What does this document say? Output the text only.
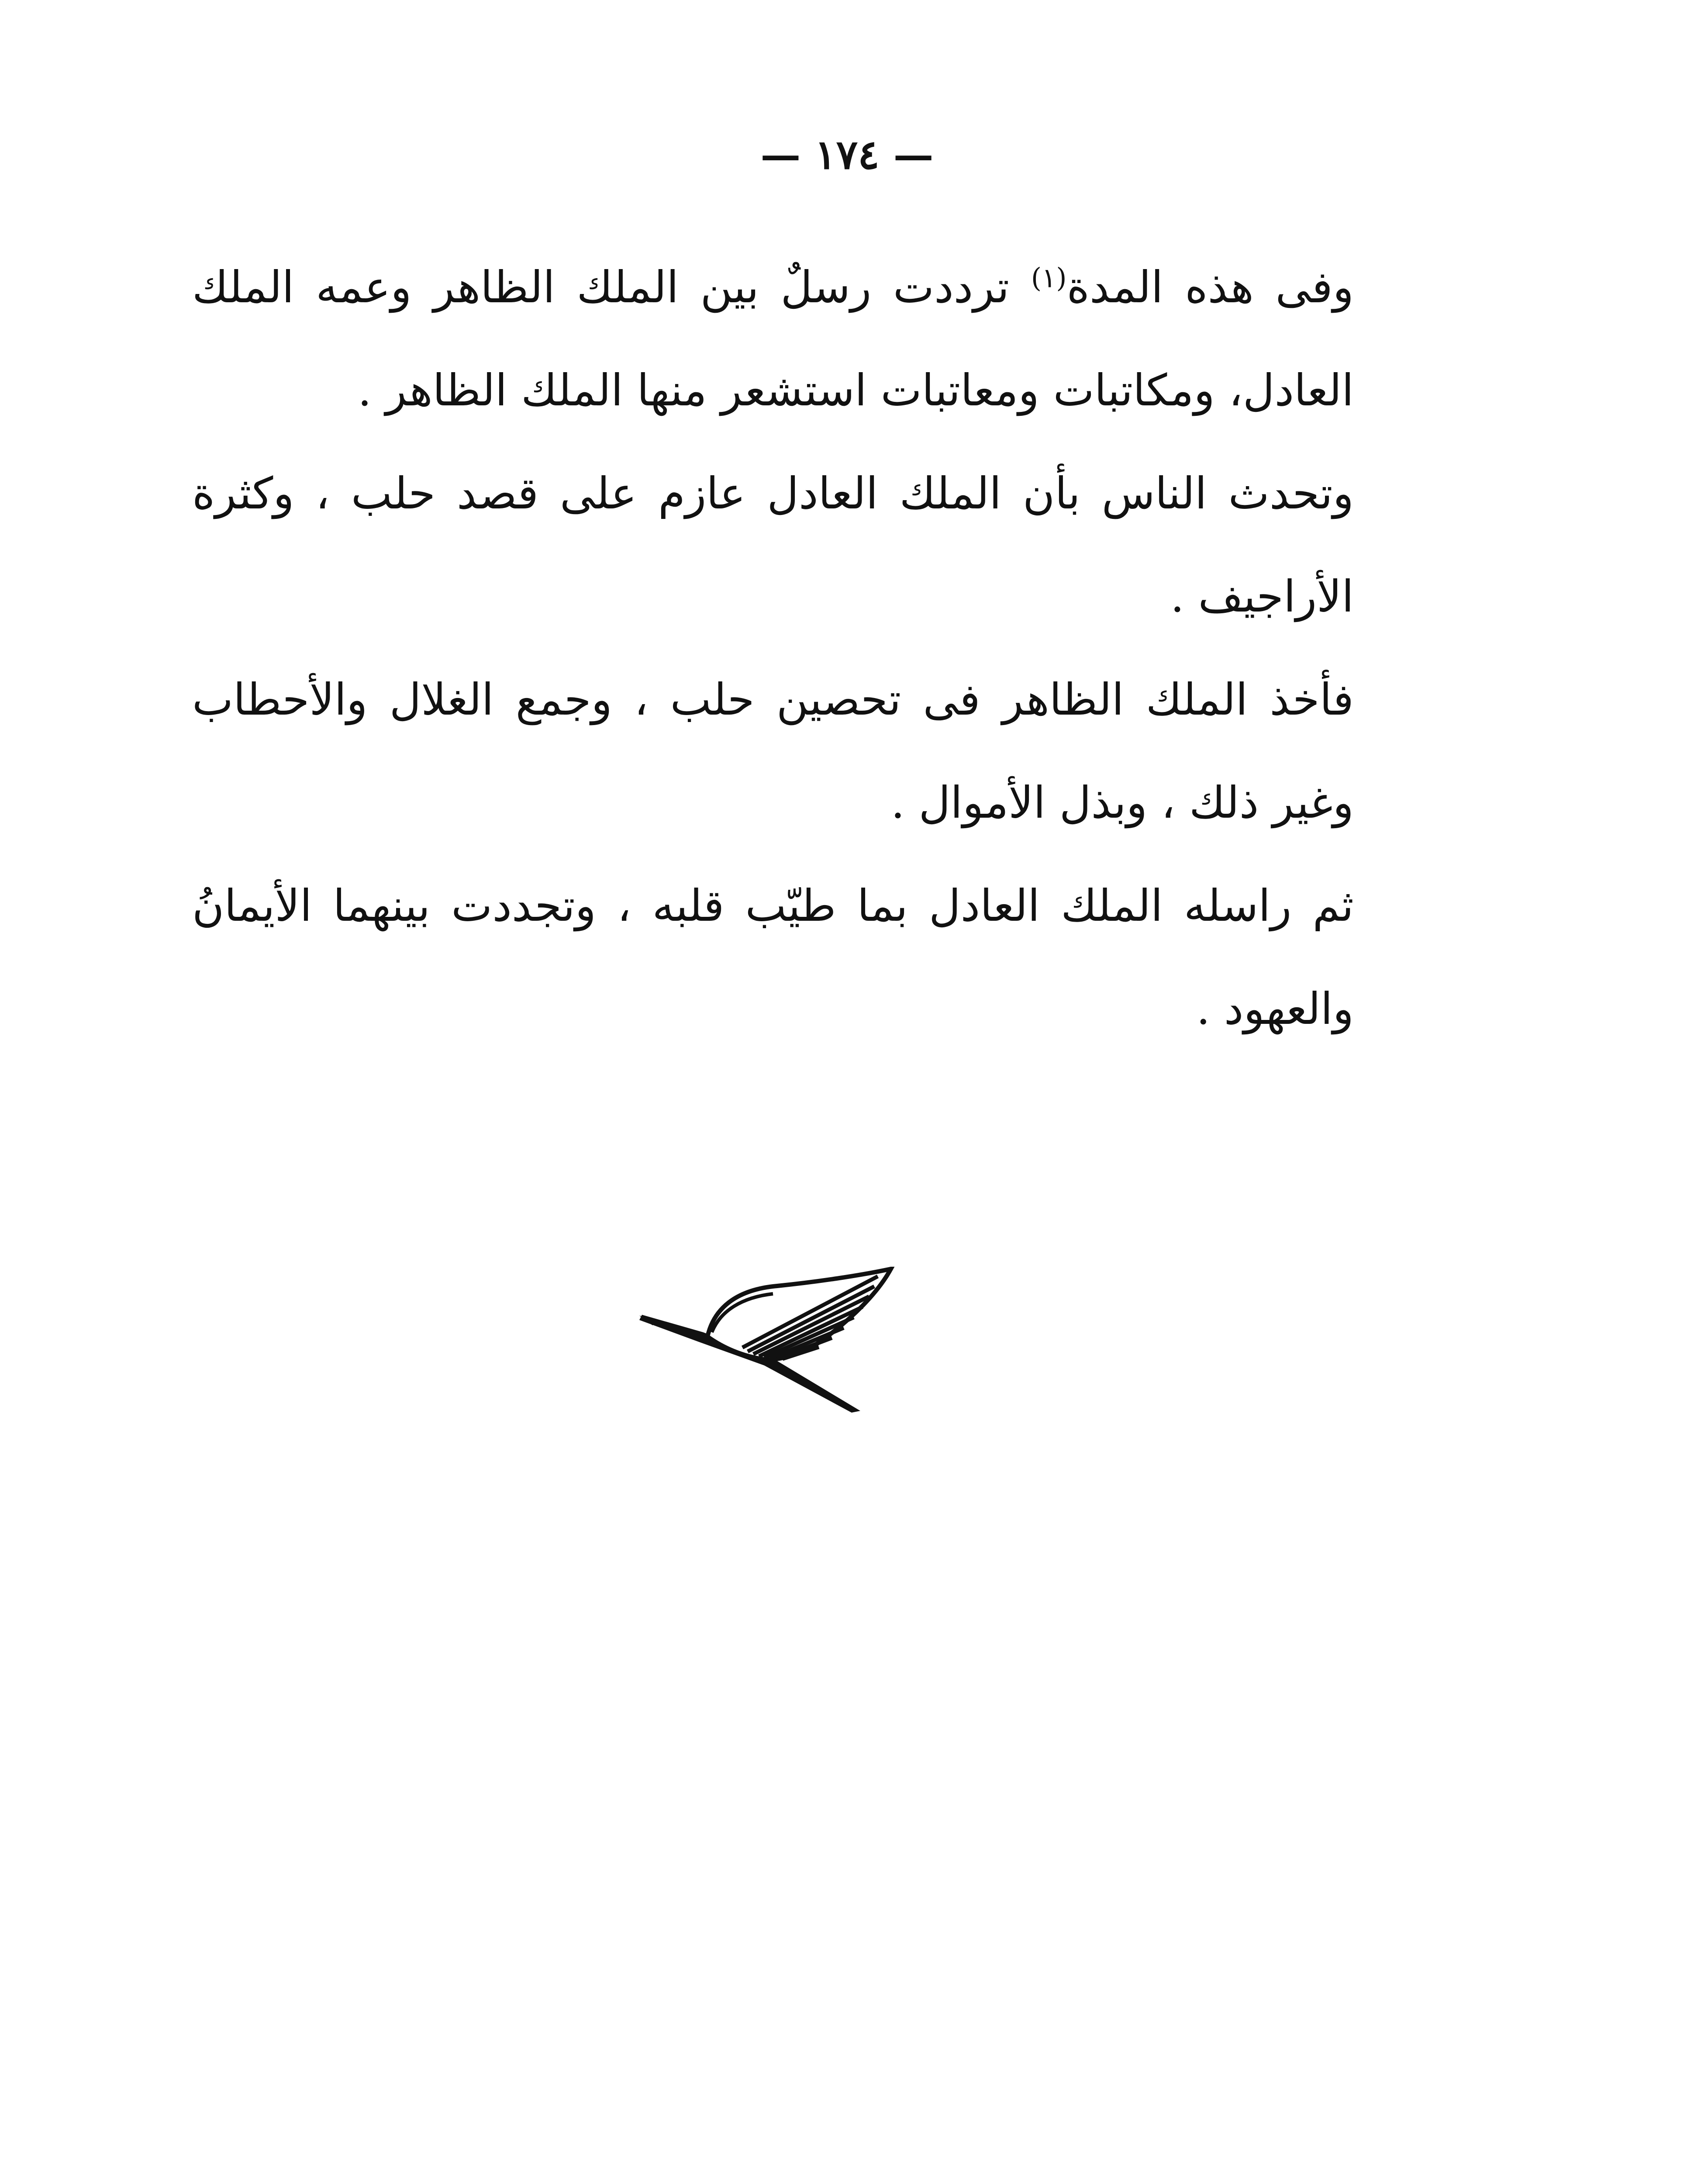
— ١٧٤ —

وفى هذه المدة$^{(١)}$ ترددت رسلٌ بين الملك الظاهر وعمه الملك العادل، ومكاتبات ومعاتبات استشعر منها الملك الظاهر .

وتحدث الناس بأن الملك العادل عازم على قصد حلب ، وكثرة الأراجيف .

فأخذ الملك الظاهر فى تحصين حلب ، وجمع الغلال والأحطاب وغير ذلك ، وبذل الأموال .

ثم راسله الملك العادل بما طيّب قلبه ، وتجددت بينهما الأيمانُ والعهود .
